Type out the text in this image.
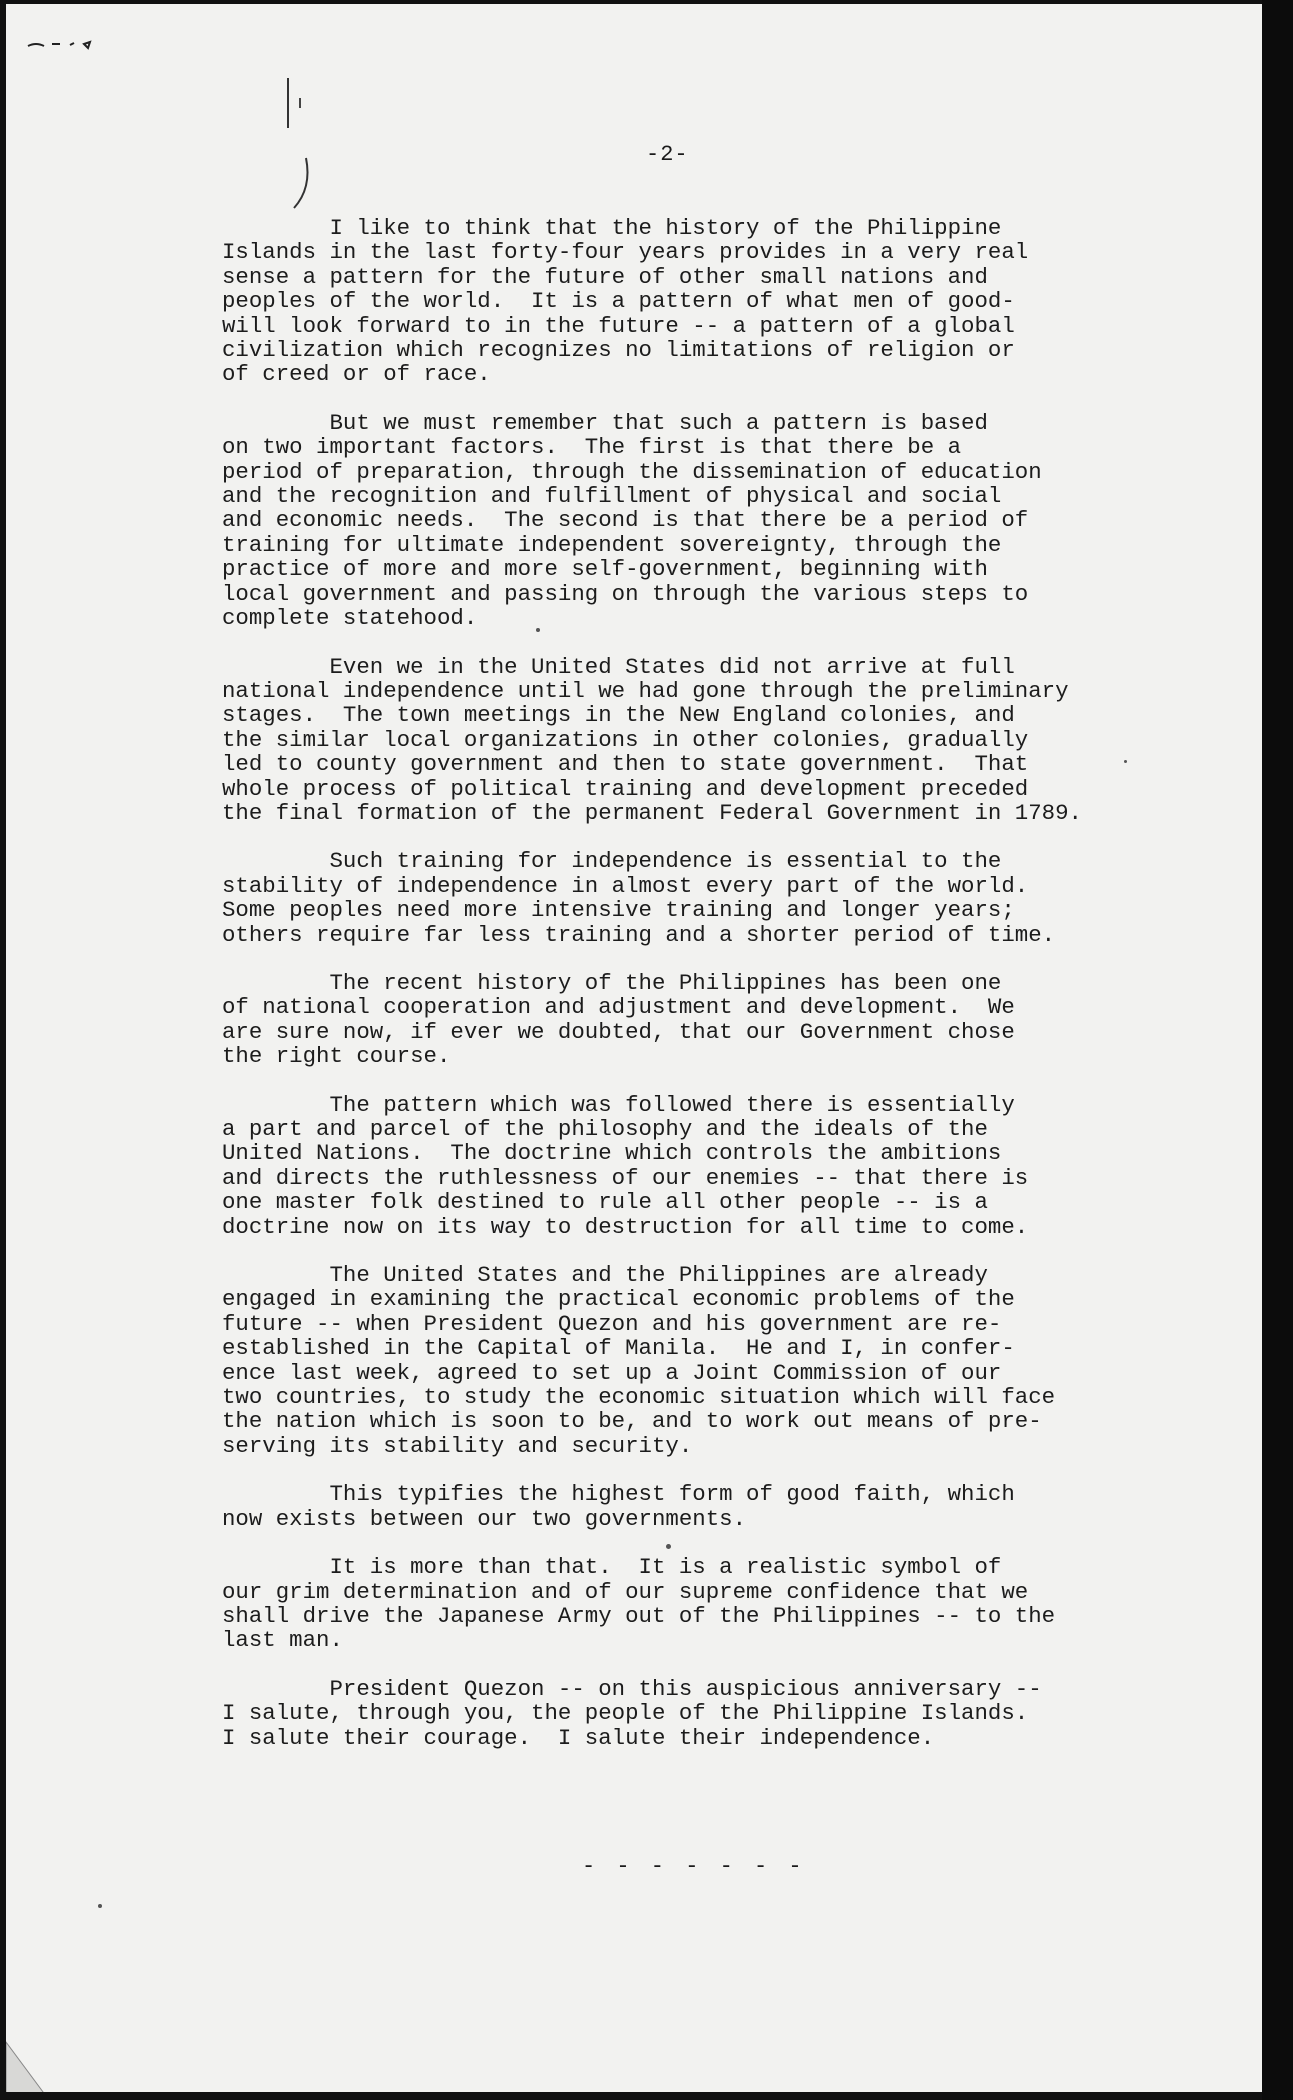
-2-

I like to think that the history of the Philippine
Islands in the last forty-four years provides in a very real
sense a pattern for the future of other small nations and
peoples of the world.  It is a pattern of what men of good-
will look forward to in the future -- a pattern of a global
civilization which recognizes no limitations of religion or
of creed or of race.

But we must remember that such a pattern is based
on two important factors.  The first is that there be a
period of preparation, through the dissemination of education
and the recognition and fulfillment of physical and social
and economic needs.  The second is that there be a period of
training for ultimate independent sovereignty, through the
practice of more and more self-government, beginning with
local government and passing on through the various steps to
complete statehood.

Even we in the United States did not arrive at full
national independence until we had gone through the preliminary
stages.  The town meetings in the New England colonies, and
the similar local organizations in other colonies, gradually
led to county government and then to state government.  That
whole process of political training and development preceded
the final formation of the permanent Federal Government in 1789.

Such training for independence is essential to the
stability of independence in almost every part of the world.
Some peoples need more intensive training and longer years;
others require far less training and a shorter period of time.

The recent history of the Philippines has been one
of national cooperation and adjustment and development.  We
are sure now, if ever we doubted, that our Government chose
the right course.

The pattern which was followed there is essentially
a part and parcel of the philosophy and the ideals of the
United Nations.  The doctrine which controls the ambitions
and directs the ruthlessness of our enemies -- that there is
one master folk destined to rule all other people -- is a
doctrine now on its way to destruction for all time to come.

The United States and the Philippines are already
engaged in examining the practical economic problems of the
future -- when President Quezon and his government are re-
established in the Capital of Manila.  He and I, in confer-
ence last week, agreed to set up a Joint Commission of our
two countries, to study the economic situation which will face
the nation which is soon to be, and to work out means of pre-
serving its stability and security.

This typifies the highest form of good faith, which
now exists between our two governments.

It is more than that.  It is a realistic symbol of
our grim determination and of our supreme confidence that we
shall drive the Japanese Army out of the Philippines -- to the
last man.

President Quezon -- on this auspicious anniversary --
I salute, through you, the people of the Philippine Islands.
I salute their courage.  I salute their independence.

- - - - - - -
